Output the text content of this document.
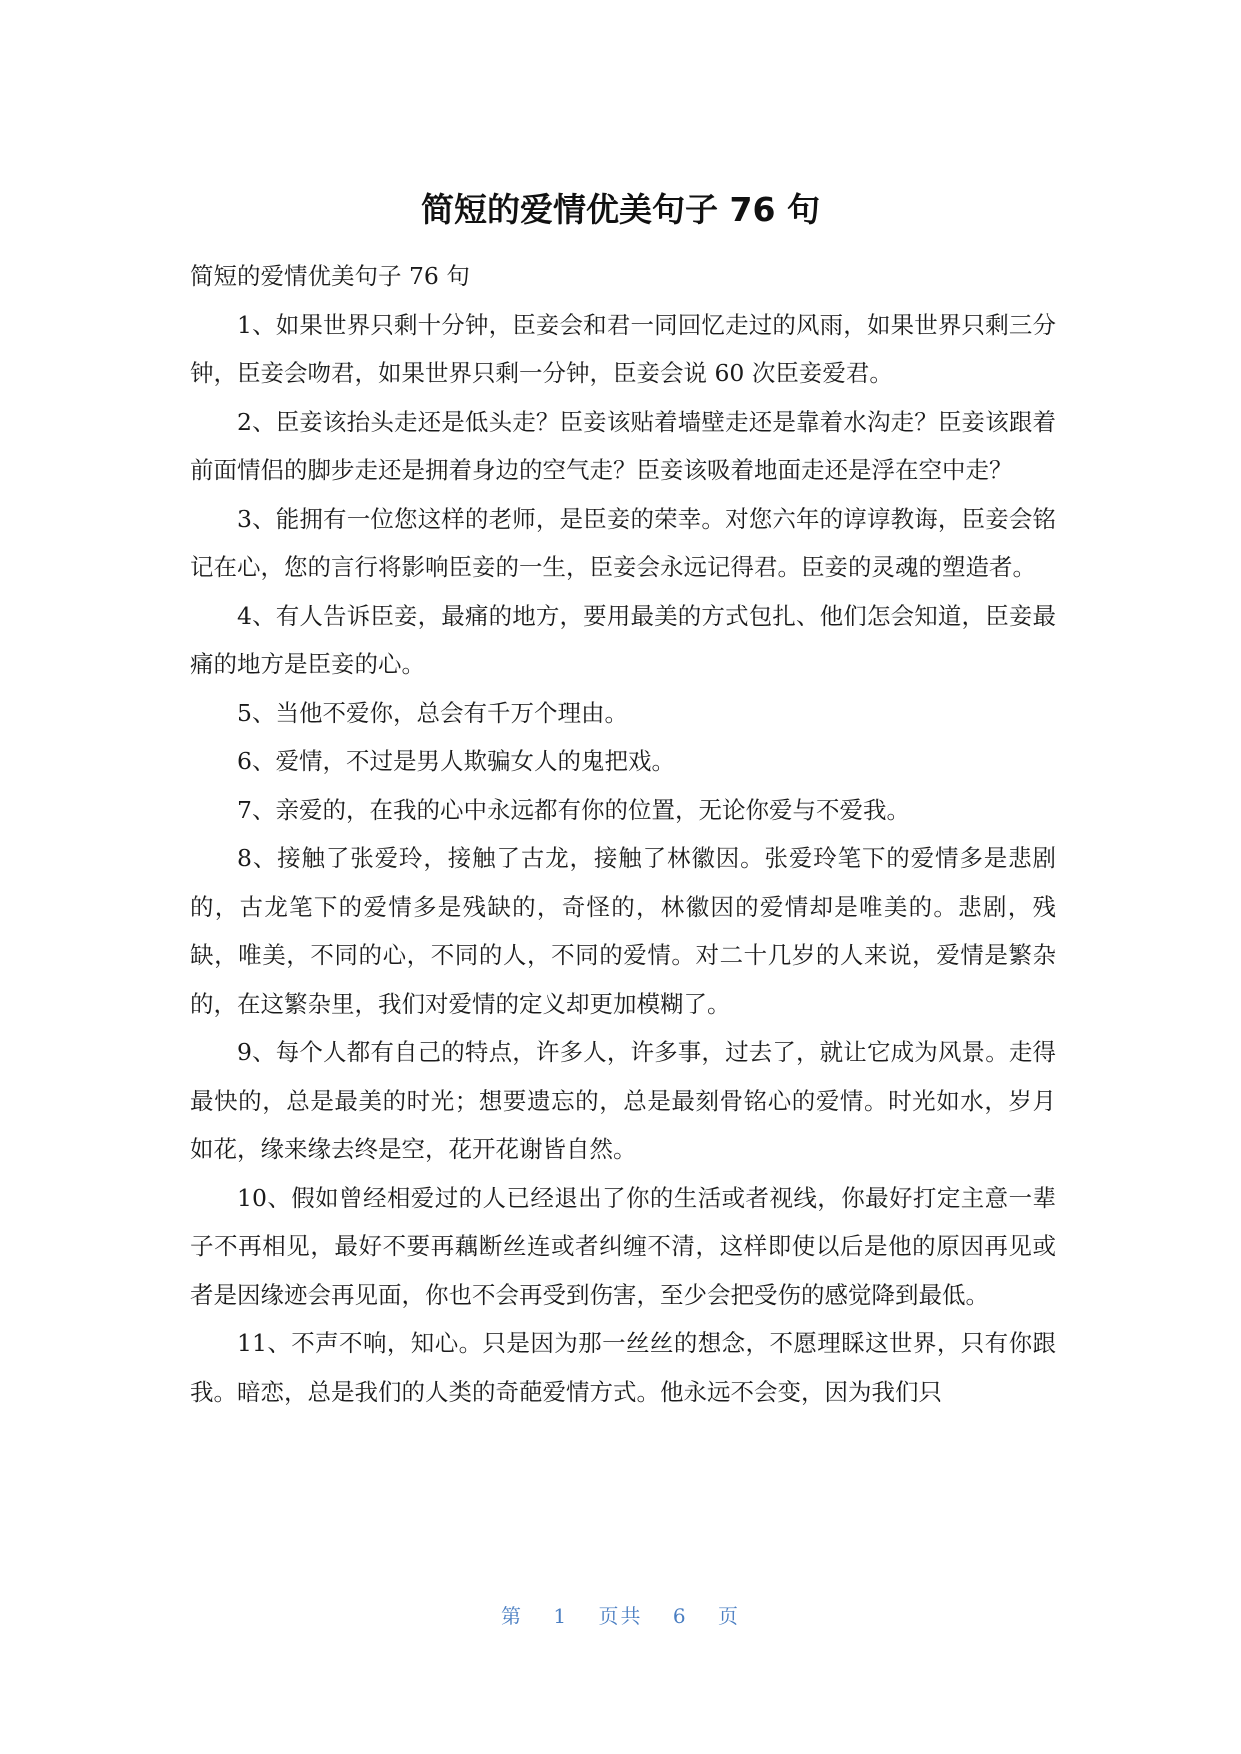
简短的爱情优美句子 76 句

简短的爱情优美句子 76 句

1、如果世界只剩十分钟，臣妾会和君一同回忆走过的风雨，如果世界只剩三分钟，臣妾会吻君，如果世界只剩一分钟，臣妾会说 60 次臣妾爱君。

2、臣妾该抬头走还是低头走？臣妾该贴着墙壁走还是靠着水沟走？臣妾该跟着前面情侣的脚步走还是拥着身边的空气走？臣妾该吸着地面走还是浮在空中走？

3、能拥有一位您这样的老师，是臣妾的荣幸。对您六年的谆谆教诲，臣妾会铭记在心，您的言行将影响臣妾的一生，臣妾会永远记得君。臣妾的灵魂的塑造者。

4、有人告诉臣妾，最痛的地方，要用最美的方式包扎、他们怎会知道，臣妾最痛的地方是臣妾的心。

5、当他不爱你，总会有千万个理由。

6、爱情，不过是男人欺骗女人的鬼把戏。

7、亲爱的，在我的心中永远都有你的位置，无论你爱与不爱我。

8、接触了张爱玲，接触了古龙，接触了林徽因。张爱玲笔下的爱情多是悲剧的，古龙笔下的爱情多是残缺的，奇怪的，林徽因的爱情却是唯美的。悲剧，残缺，唯美，不同的心，不同的人，不同的爱情。对二十几岁的人来说，爱情是繁杂的，在这繁杂里，我们对爱情的定义却更加模糊了。

9、每个人都有自己的特点，许多人，许多事，过去了，就让它成为风景。走得最快的，总是最美的时光；想要遗忘的，总是最刻骨铭心的爱情。时光如水，岁月如花，缘来缘去终是空，花开花谢皆自然。

10、假如曾经相爱过的人已经退出了你的生活或者视线，你最好打定主意一辈子不再相见，最好不要再藕断丝连或者纠缠不清，这样即使以后是他的原因再见或者是因缘迹会再见面，你也不会再受到伤害，至少会把受伤的感觉降到最低。

11、不声不响，知心。只是因为那一丝丝的想念，不愿理睬这世界，只有你跟我。暗恋，总是我们的人类的奇葩爱情方式。他永远不会变，因为我们只

第 1 页共 6 页
